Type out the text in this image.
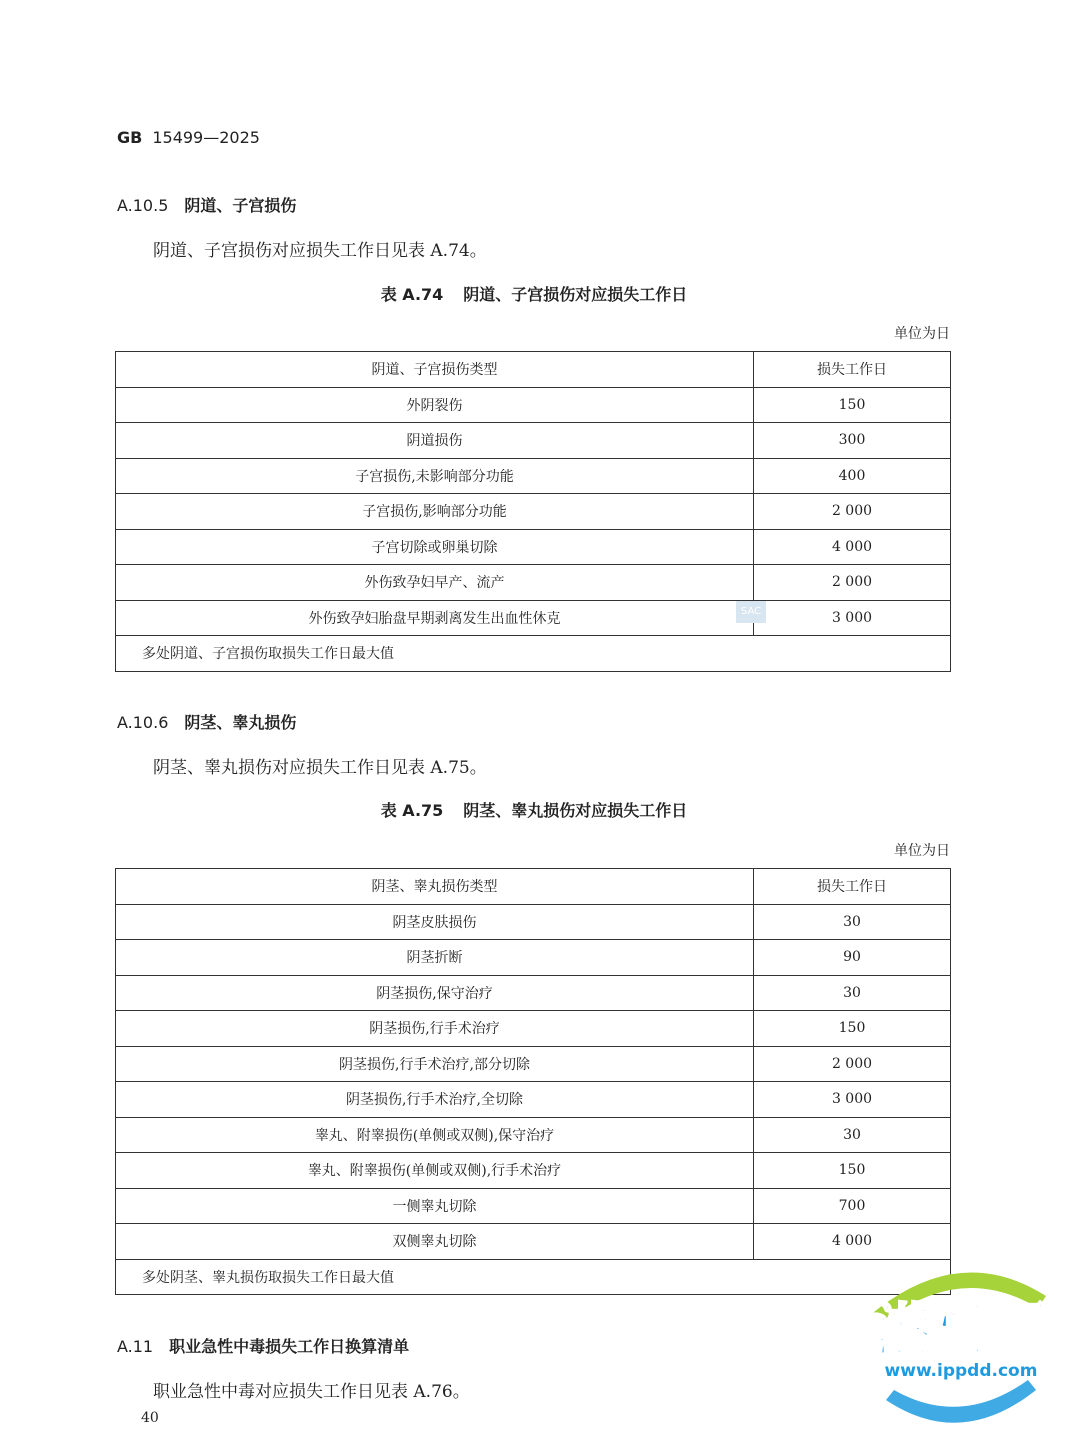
GB 15499—2025
A.10.5 阴道、子宫损伤
阴道、子宫损伤对应损失工作日见表 A.74。
表 A.74 阴道、子宫损伤对应损失工作日
单位为日
阴道、子宫损伤类型	损失工作日
外阴裂伤	150
阴道损伤	300
子宫损伤,未影响部分功能	400
子宫损伤,影响部分功能	2 000
子宫切除或卵巢切除	4 000
外伤致孕妇早产、流产	2 000
外伤致孕妇胎盘早期剥离发生出血性休克	3 000
多处阴道、子宫损伤取损失工作日最大值	
SAC
A.10.6 阴茎、睾丸损伤
阴茎、睾丸损伤对应损失工作日见表 A.75。
表 A.75 阴茎、睾丸损伤对应损失工作日
单位为日
阴茎、睾丸损伤类型	损失工作日
阴茎皮肤损伤	30
阴茎折断	90
阴茎损伤,保守治疗	30
阴茎损伤,行手术治疗	150
阴茎损伤,行手术治疗,部分切除	2 000
阴茎损伤,行手术治疗,全切除	3 000
睾丸、附睾损伤(单侧或双侧),保守治疗	30
睾丸、附睾损伤(单侧或双侧),行手术治疗	150
一侧睾丸切除	700
双侧睾丸切除	4 000
多处阴茎、睾丸损伤取损失工作日最大值	
A.11 职业急性中毒损失工作日换算清单
职业急性中毒对应损失工作日见表 A.76。
40
港机圈
www.ippdd.com
